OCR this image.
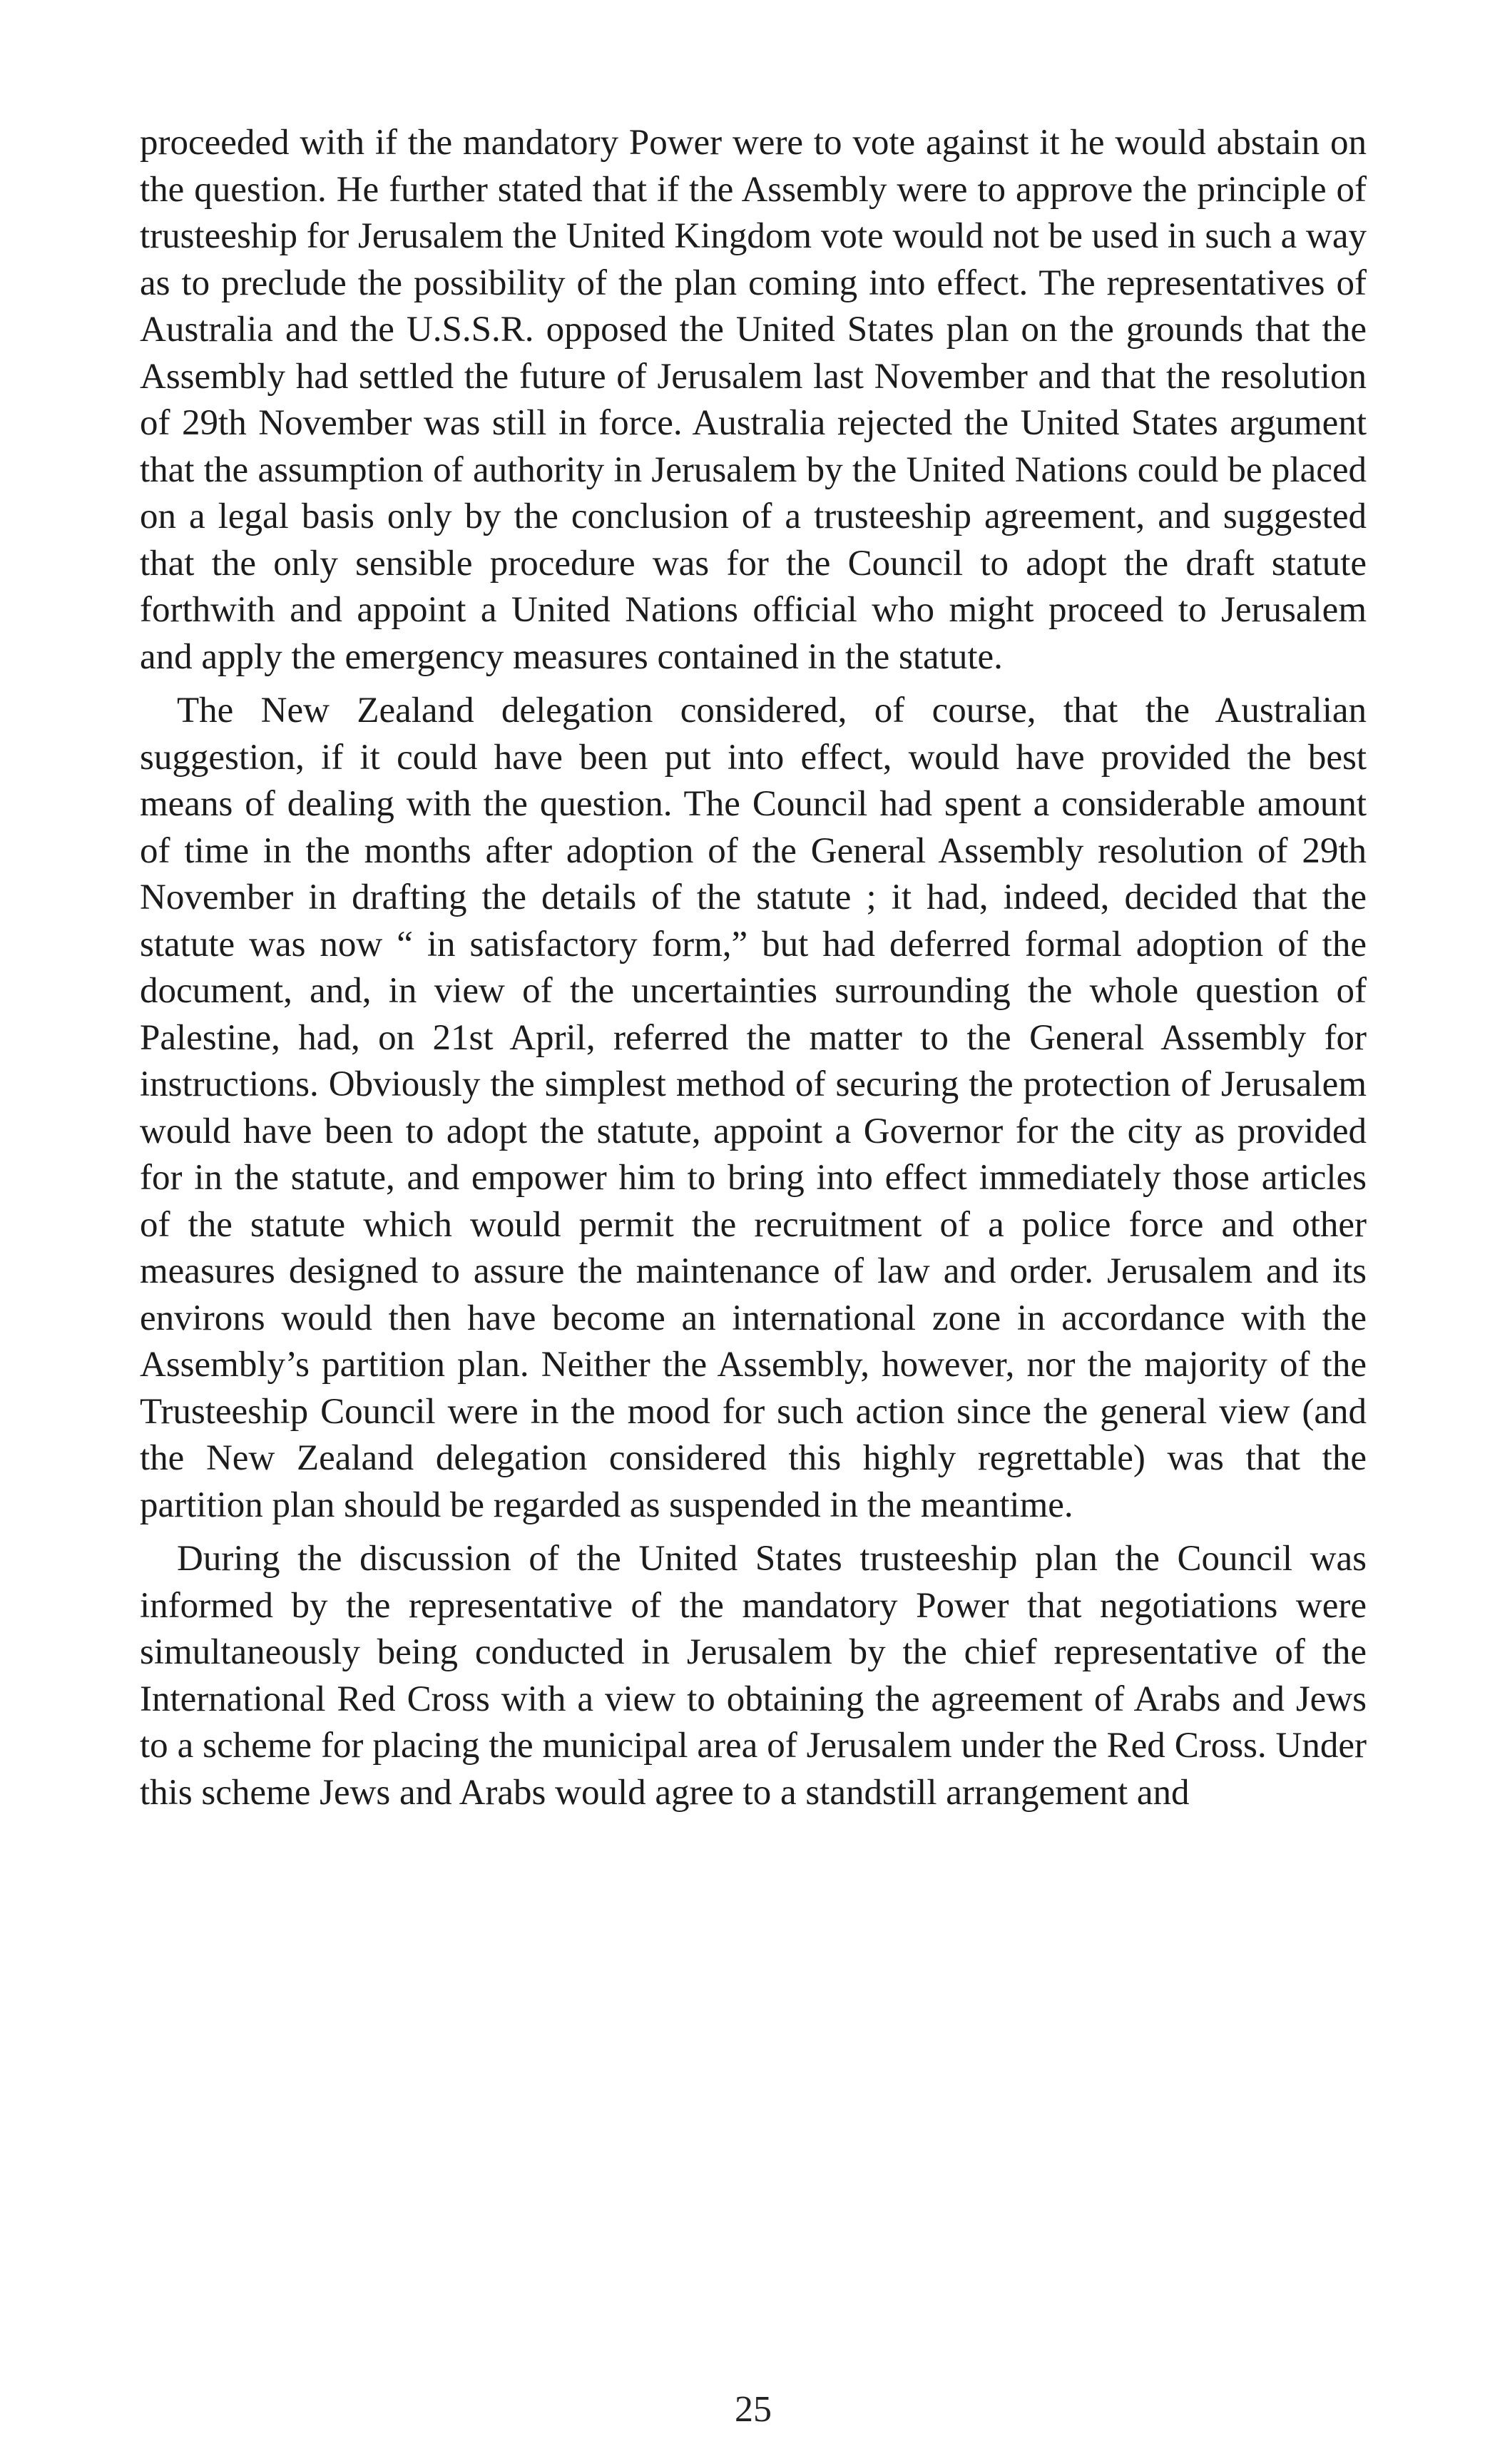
proceeded with if the mandatory Power were to vote against it he would abstain on the question. He further stated that if the Assembly were to approve the principle of trusteeship for Jerusalem the United Kingdom vote would not be used in such a way as to preclude the possibility of the plan coming into effect. The representatives of Australia and the U.S.S.R. opposed the United States plan on the grounds that the Assembly had settled the future of Jerusalem last November and that the resolution of 29th November was still in force. Australia rejected the United States argument that the assumption of authority in Jerusalem by the United Nations could be placed on a legal basis only by the conclusion of a trusteeship agreement, and suggested that the only sensible procedure was for the Council to adopt the draft statute forthwith and appoint a United Nations official who might proceed to Jerusalem and apply the emergency measures contained in the statute.

The New Zealand delegation considered, of course, that the Australian suggestion, if it could have been put into effect, would have provided the best means of dealing with the question. The Council had spent a considerable amount of time in the months after adoption of the General Assembly resolution of 29th November in drafting the details of the statute ; it had, indeed, decided that the statute was now “ in satisfactory form,” but had deferred formal adoption of the document, and, in view of the uncertainties surrounding the whole question of Palestine, had, on 21st April, referred the matter to the General Assembly for instructions. Obviously the simplest method of securing the protection of Jerusalem would have been to adopt the statute, appoint a Governor for the city as provided for in the statute, and empower him to bring into effect immediately those articles of the statute which would permit the recruitment of a police force and other measures designed to assure the maintenance of law and order. Jerusalem and its environs would then have become an international zone in accordance with the Assembly’s partition plan. Neither the Assembly, however, nor the majority of the Trusteeship Council were in the mood for such action since the general view (and the New Zealand delegation considered this highly regrettable) was that the partition plan should be regarded as suspended in the meantime.

During the discussion of the United States trusteeship plan the Council was informed by the representative of the mandatory Power that negotiations were simultaneously being conducted in Jerusalem by the chief representative of the International Red Cross with a view to obtaining the agreement of Arabs and Jews to a scheme for placing the municipal area of Jerusalem under the Red Cross. Under this scheme Jews and Arabs would agree to a standstill arrangement and

25
